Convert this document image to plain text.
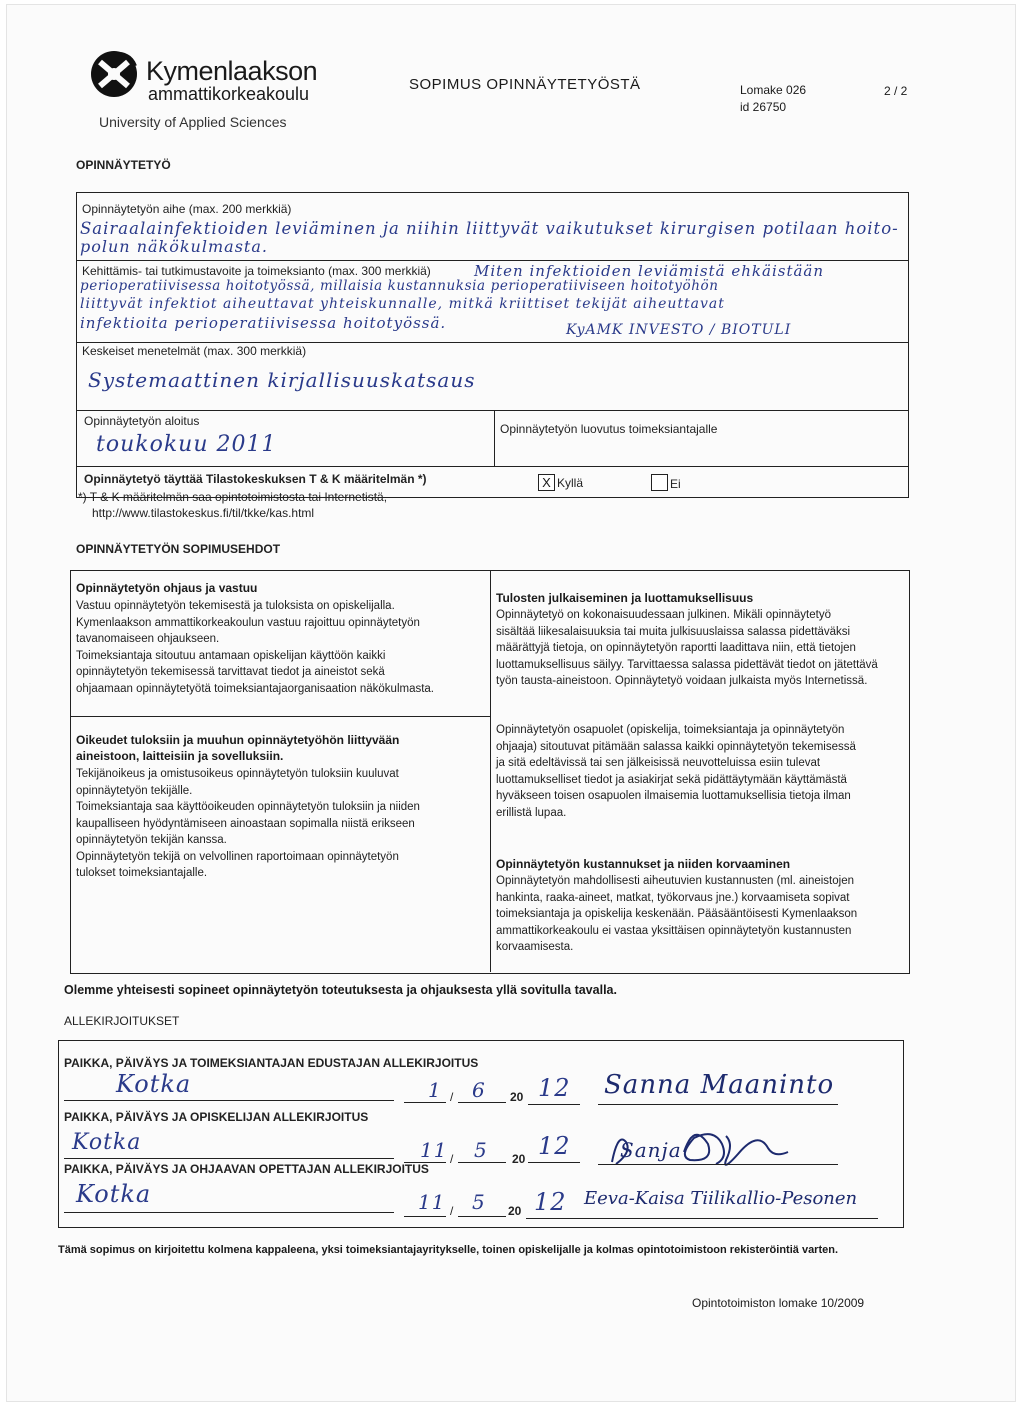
Kymenlaakson
ammattikorkeakoulu
University of Applied Sciences
SOPIMUS OPINNÄYTETYÖSTÄ	Lomake 026
id 26750
2 / 2
OPINNÄYTETYÖ
Opinnäytetyön aihe (max. 200 merkkiä)
Sairaalainfektioiden leviäminen ja niihin liittyvät vaikutukset kirurgisen potilaan hoito-
polun näkökulmasta.
Kehittämis- tai tutkimustavoite ja toimeksianto (max. 300 merkkiä)	Miten infektioiden leviämistä ehkäistään
perioperatiivisessa hoitotyössä, millaisia kustannuksia perioperatiiviseen hoitotyöhön
liittyvät infektiot aiheuttavat yhteiskunnalle, mitkä kriittiset tekijät aiheuttavat
infektioita perioperatiivisessa hoitotyössä.	KyAMK INVESTO / BIOTULI
Keskeiset menetelmät (max. 300 merkkiä)
Systemaattinen kirjallisuuskatsaus
Opinnäytetyön aloitus
toukokuu 2011
Opinnäytetyön luovutus toimeksiantajalle
Opinnäytetyö täyttää Tilastokeskuksen T & K määritelmän *)	X Kyllä	Ei
*) T & K määritelmän saa opintotoimistosta tai Internetistä,
http://www.tilastokeskus.fi/til/tkke/kas.html
OPINNÄYTETYÖN SOPIMUSEHDOT
Opinnäytetyön ohjaus ja vastuu

Vastuu opinnäytetyön tekemisestä ja tuloksista on opiskelijalla.

Kymenlaakson ammattikorkeakoulun vastuu rajoittuu opinnäytetyön

tavanomaiseen ohjaukseen.

Toimeksiantaja sitoutuu antamaan opiskelijan käyttöön kaikki

opinnäytetyön tekemisessä tarvittavat tiedot ja aineistot sekä

ohjaamaan opinnäytetyötä toimeksiantajaorganisaation näkökulmasta.

Oikeudet tuloksiin ja muuhun opinnäytetyöhön liittyvään
aineistoon, laitteisiin ja sovelluksiin.

Tekijänoikeus ja omistusoikeus opinnäytetyön tuloksiin kuuluvat

opinnäytetyön tekijälle.

Toimeksiantaja saa käyttöoikeuden opinnäytetyön tuloksiin ja niiden

kaupalliseen hyödyntämiseen ainoastaan sopimalla niistä erikseen

opinnäytetyön tekijän kanssa.

Opinnäytetyön tekijä on velvollinen raportoimaan opinnäytetyön

tulokset toimeksiantajalle.

Tulosten julkaiseminen ja luottamuksellisuus

Opinnäytetyö on kokonaisuudessaan julkinen. Mikäli opinnäytetyö

sisältää liikesalaisuuksia tai muita julkisuuslaissa salassa pidettäväksi

määrättyjä tietoja, on opinnäytetyön raportti laadittava niin, että tietojen

luottamuksellisuus säilyy. Tarvittaessa salassa pidettävät tiedot on jätettävä

työn tausta-aineistoon. Opinnäytetyö voidaan julkaista myös Internetissä.

Opinnäytetyön osapuolet (opiskelija, toimeksiantaja ja opinnäytetyön

ohjaaja) sitoutuvat pitämään salassa kaikki opinnäytetyön tekemisessä

ja sitä edeltävissä tai sen jälkeisissä neuvotteluissa esiin tulevat

luottamukselliset tiedot ja asiakirjat sekä pidättäytymään käyttämästä

hyväkseen toisen osapuolen ilmaisemia luottamuksellisia tietoja ilman

erillistä lupaa.

Opinnäytetyön kustannukset ja niiden korvaaminen

Opinnäytetyön mahdollisesti aiheutuvien kustannusten (ml. aineistojen

hankinta, raaka-aineet, matkat, työkorvaus jne.) korvaamiseta sopivat

toimeksiantaja ja opiskelija keskenään. Pääsääntöisesti Kymenlaakson

ammattikorkeakoulu ei vastaa yksittäisen opinnäytetyön kustannusten

korvaamisesta.

Olemme yhteisesti sopineet opinnäytetyön toteutuksesta ja ohjauksesta yllä sovitulla tavalla.
ALLEKIRJOITUKSET
PAIKKA, PÄIVÄYS JA TOIMEKSIANTAJAN EDUSTAJAN ALLEKIRJOITUS
Kotka	1 / 6 20 12 Sanna Maaninto
PAIKKA, PÄIVÄYS JA OPISKELIJAN ALLEKIRJOITUS
Kotka	11 / 5 20 12 Sanja
PAIKKA, PÄIVÄYS JA OHJAAVAN OPETTAJAN ALLEKIRJOITUS
Kotka	11 / 5 20 12 Eeva-Kaisa Tiilikallio-Pesonen
Tämä sopimus on kirjoitettu kolmena kappaleena, yksi toimeksiantajayritykselle, toinen opiskelijalle ja kolmas opintotoimistoon rekisteröintiä varten.
Opintotoimiston lomake 10/2009
